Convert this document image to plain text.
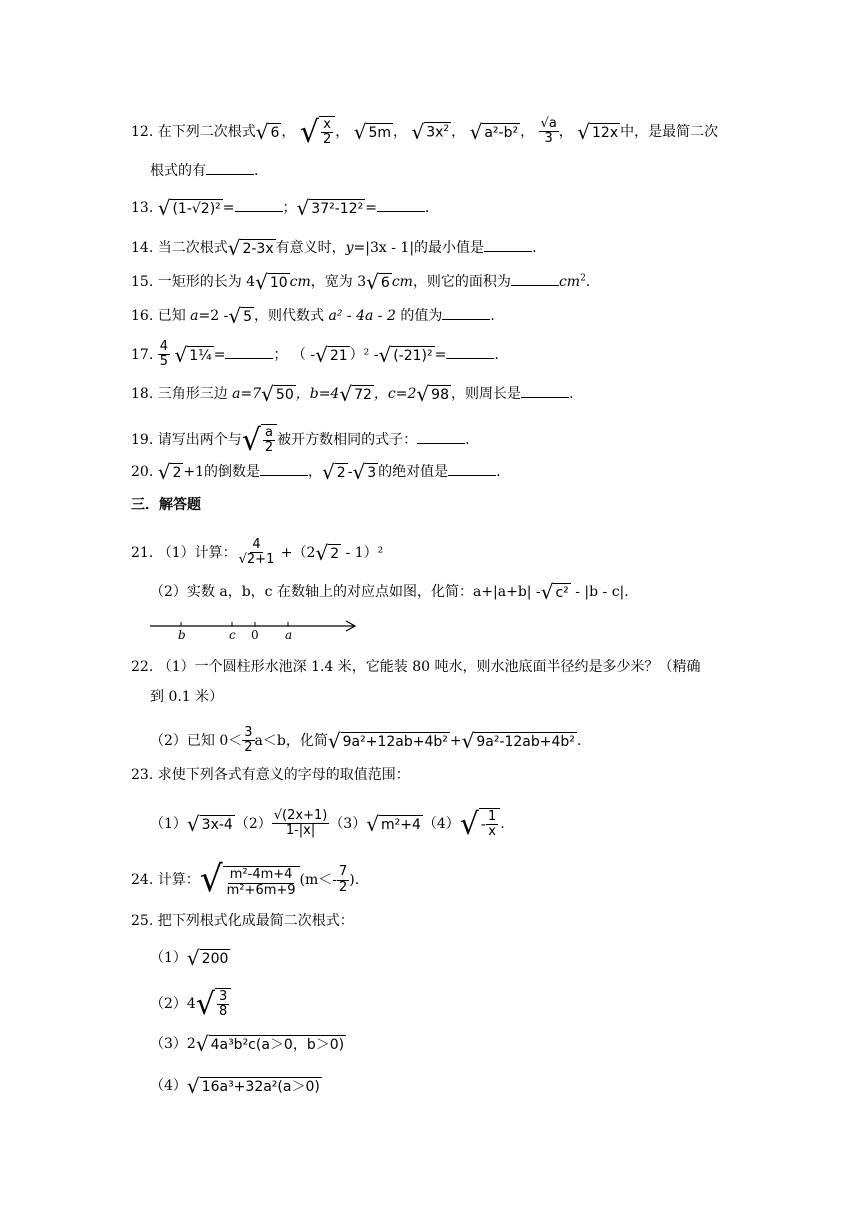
12. 在下列二次根式 √ 6 ， √ $\frac{x}{2}$ ， √ 5m ， √ $3x^2$ ， √ a²-b² ， $\frac{√a}{3}$ ， √ 12x 中，是最简二次
根式的有	.
13. √ (1-√2)² =	； √ 37²-12² =	.
14. 当二次根式 √ 2-3x 有意义时，y=|3x - 1|的最小值是	.
15. 一矩形的长为 4 √ 10 cm，宽为 3 √ 6 cm，则它的面积为	$cm^2$.
16. 已知 a=2 - √ 5 ，则代数式 a² - 4a - 2 的值为	.
17. $\frac{4}{5}$
√ 1¼ =	； （ - √ 21 ）² - √ (-21)² =	.
18. 三角形三边 a=7 √ 50 ，b=4 √ 72 ，c=2 √ 98 ，则周长是	.
19. 请写出两个与 √ $\frac{a}{2}$ 被开方数相同的式子：	.
20. √ 2 +1的倒数是	， √ 2 - √ 3 的绝对值是	.
三．解答题
21. （1）计算： $\frac{4}{√2+1} +(2$ √ 2 - 1）²
（2）实数 a，b，c 在数轴上的对应点如图，化简：a+|a+b| - √ c² - |b - c|.
b	c 0 a
22. （1）一个圆柱形水池深 1.4 米，它能装 80 吨水，则水池底面半径约是多少米？（精确
到 0.1 米）
（2）已知 $0< \frac{3}{2} a<b$，化简 √ 9a²+12ab+4b² + √ 9a²-12ab+4b² .
23. 求使下列各式有意义的字母的取值范围：
（1） √ 3x-4 $(2) \frac{√(2x+1)}{1-|x|} (3)$ √ m²+4 （4） √ - $\frac{1}{x}$ .
24. 计算： √ $\frac{\text{m²-4m+4}}{\text{m²+6m+9}} (m<- \frac{7}{2}$ ).
25. 把下列根式化成最简二次根式：
（1） √ 200
（2）4 √ $\frac{3}{8}$
（3）2 √ 4a³b²c(a＞0，b＞0)
（4） √ 16a³+32a²(a＞0)
